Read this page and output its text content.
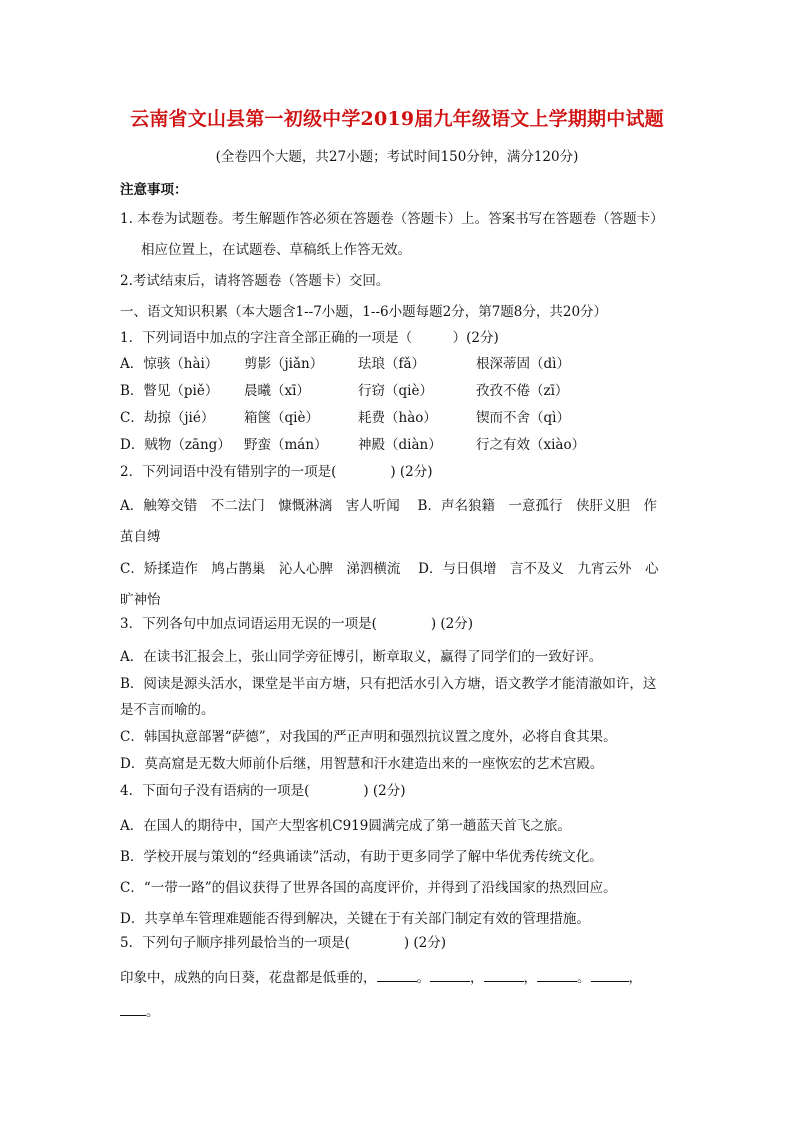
云南省文山县第一初级中学2019届九年级语文上学期期中试题
(全卷四个大题，共27小题；考试时间150分钟，满分120分)
注意事项：
1. 本卷为试题卷。考生解题作答必须在答题卷（答题卡）上。答案书写在答题卷（答题卡）
相应位置上，在试题卷、草稿纸上作答无效。
2.考试结束后，请将答题卷（答题卡）交回。
一、语文知识积累（本大题含1--7小题，1--6小题每题2分，第7题8分，共20分）
1．下列词语中加点的字注音全部正确的一项是（　　　）(2分)
A．惊骇（hài） 剪影（jiǎn）	珐琅（fǎ）	根深蒂固（dì）
B．瞥见（piě） 晨曦（xī）	行窃（qiè）	孜孜不倦（zī）
C．劫掠（jié） 箱箧（qiè）	耗费（hào）	锲而不舍（qì）
D．贼物（zāng） 野蛮（mán） 神殿（diàn）	行之有效（xiào）
2．下列词语中没有错别字的一项是(　　　　) (2分)
A．触筹交错　不二法门　慷慨淋漓　害人听闻　 B．声名狼籍　一意孤行　侠肝义胆　作
茧自缚
C．矫揉造作　鸠占鹊巢　沁人心脾　涕泗横流　 D．与日俱增　言不及义　九宵云外　心
旷神怡
3．下列各句中加点词语运用无误的一项是(　　　　) (2分)
A．在读书汇报会上，张山同学旁征博引，断章取义，赢得了同学们的一致好评。
B．阅读是源头活水，课堂是半亩方塘，只有把活水引入方塘，语文教学才能清澈如许，这
是不言而喻的。
C．韩国执意部署“萨德”，对我国的严正声明和强烈抗议置之度外，必将自食其果。
D．莫高窟是无数大师前仆后继，用智慧和汗水建造出来的一座恢宏的艺术宫殿。
4．下面句子没有语病的一项是(　　　　) (2分)
A．在国人的期待中，国产大型客机C919圆满完成了第一趟蓝天首飞之旅。
B．学校开展与策划的“经典诵读”活动，有助于更多同学了解中华优秀传统文化。
C．“一带一路”的倡议获得了世界各国的高度评价，并得到了沿线国家的热烈回应。
D．共享单车管理难题能否得到解决，关键在于有关部门制定有效的管理措施。
5．下列句子顺序排列最恰当的一项是(　　　　) (2分)
印象中，成熟的向日葵，花盘都是低垂的，	。	，	，	。	，
。
